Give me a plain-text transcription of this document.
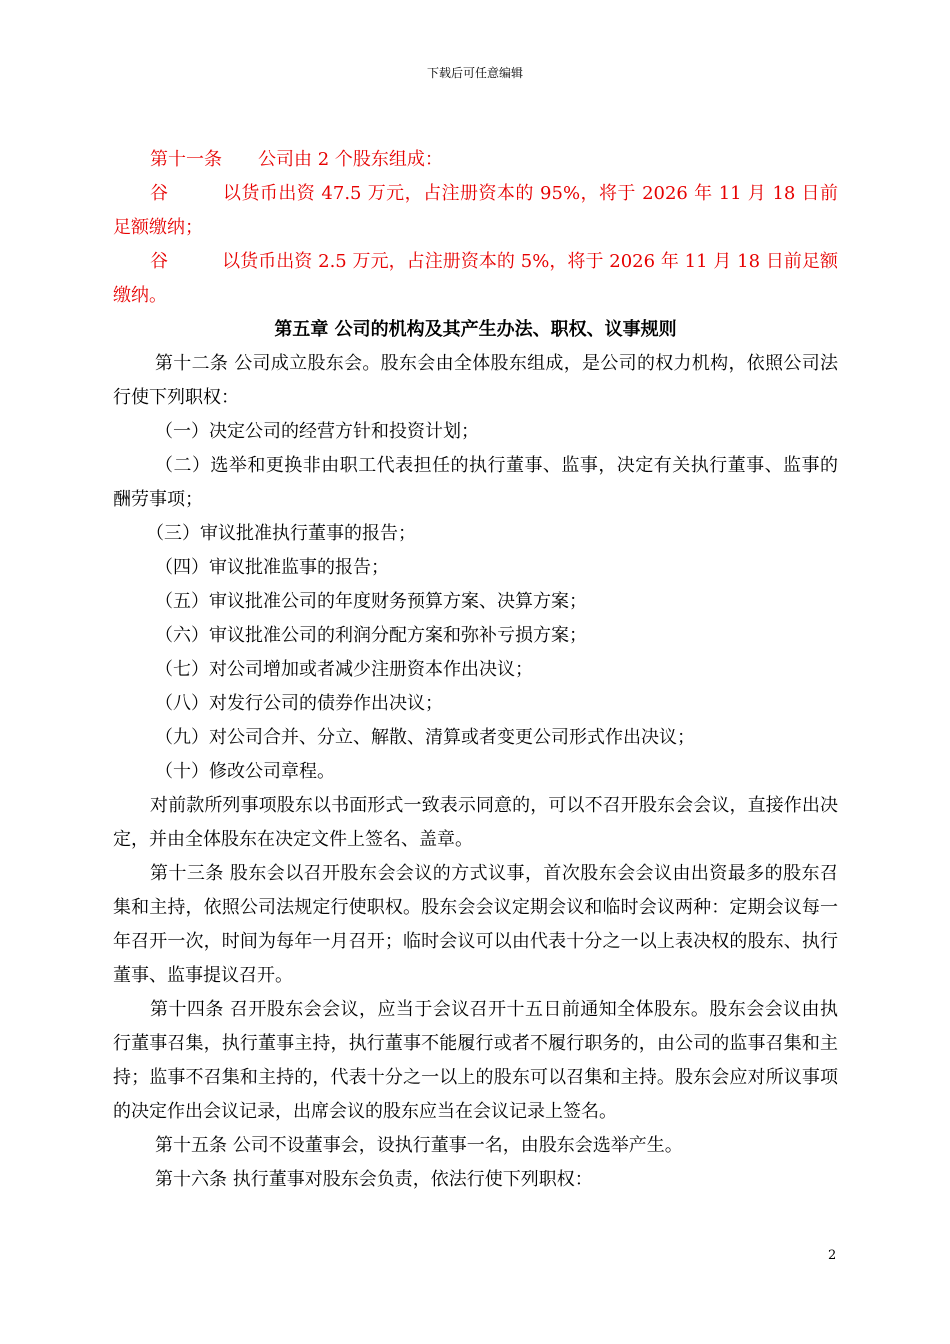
下载后可任意编辑

第十一条 公司由 2 个股东组成：

谷	以货币出资 47.5 万元，占注册资本的 95%，将于 2026 年 11 月 18 日前足额缴纳；

谷	以货币出资 2.5 万元，占注册资本的 5%，将于 2026 年 11 月 18 日前足额缴纳。

第五章 公司的机构及其产生办法、职权、议事规则

第十二条 公司成立股东会。股东会由全体股东组成，是公司的权力机构，依照公司法行使下列职权：

（一）决定公司的经营方针和投资计划；

（二）选举和更换非由职工代表担任的执行董事、监事，决定有关执行董事、监事的酬劳事项；

（三）审议批准执行董事的报告；

（四）审议批准监事的报告；

（五）审议批准公司的年度财务预算方案、决算方案；

（六）审议批准公司的利润分配方案和弥补亏损方案；

（七）对公司增加或者减少注册资本作出决议；

（八）对发行公司的债券作出决议；

（九）对公司合并、分立、解散、清算或者变更公司形式作出决议；

（十）修改公司章程。

对前款所列事项股东以书面形式一致表示同意的，可以不召开股东会会议，直接作出决定，并由全体股东在决定文件上签名、盖章。

第十三条 股东会以召开股东会会议的方式议事，首次股东会会议由出资最多的股东召集和主持，依照公司法规定行使职权。股东会会议定期会议和临时会议两种：定期会议每一年召开一次，时间为每年一月召开；临时会议可以由代表十分之一以上表决权的股东、执行董事、监事提议召开。

第十四条 召开股东会会议，应当于会议召开十五日前通知全体股东。股东会会议由执行董事召集，执行董事主持，执行董事不能履行或者不履行职务的，由公司的监事召集和主持；监事不召集和主持的，代表十分之一以上的股东可以召集和主持。股东会应对所议事项的决定作出会议记录，出席会议的股东应当在会议记录上签名。

第十五条 公司不设董事会，设执行董事一名，由股东会选举产生。

第十六条 执行董事对股东会负责，依法行使下列职权：

2
